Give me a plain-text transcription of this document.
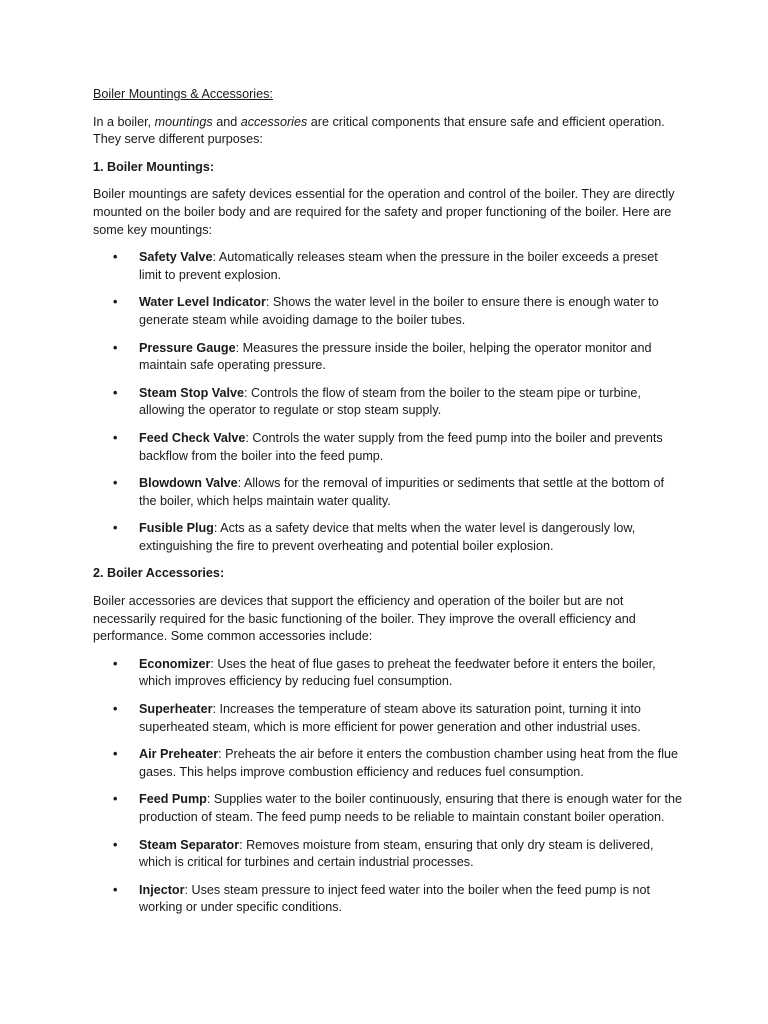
Boiler Mountings & Accessories:

In a boiler, mountings and accessories are critical components that ensure safe and efficient operation. They serve different purposes:

1. Boiler Mountings:

Boiler mountings are safety devices essential for the operation and control of the boiler. They are directly mounted on the boiler body and are required for the safety and proper functioning of the boiler. Here are some key mountings:

• Safety Valve: Automatically releases steam when the pressure in the boiler exceeds a preset limit to prevent explosion.
• Water Level Indicator: Shows the water level in the boiler to ensure there is enough water to generate steam while avoiding damage to the boiler tubes.
• Pressure Gauge: Measures the pressure inside the boiler, helping the operator monitor and maintain safe operating pressure.
• Steam Stop Valve: Controls the flow of steam from the boiler to the steam pipe or turbine, allowing the operator to regulate or stop steam supply.
• Feed Check Valve: Controls the water supply from the feed pump into the boiler and prevents backflow from the boiler into the feed pump.
• Blowdown Valve: Allows for the removal of impurities or sediments that settle at the bottom of the boiler, which helps maintain water quality.
• Fusible Plug: Acts as a safety device that melts when the water level is dangerously low, extinguishing the fire to prevent overheating and potential boiler explosion.
2. Boiler Accessories:

Boiler accessories are devices that support the efficiency and operation of the boiler but are not necessarily required for the basic functioning of the boiler. They improve the overall efficiency and performance. Some common accessories include:

• Economizer: Uses the heat of flue gases to preheat the feedwater before it enters the boiler, which improves efficiency by reducing fuel consumption.
• Superheater: Increases the temperature of steam above its saturation point, turning it into superheated steam, which is more efficient for power generation and other industrial uses.
• Air Preheater: Preheats the air before it enters the combustion chamber using heat from the flue gases. This helps improve combustion efficiency and reduces fuel consumption.
• Feed Pump: Supplies water to the boiler continuously, ensuring that there is enough water for the production of steam. The feed pump needs to be reliable to maintain constant boiler operation.
• Steam Separator: Removes moisture from steam, ensuring that only dry steam is delivered, which is critical for turbines and certain industrial processes.
• Injector: Uses steam pressure to inject feed water into the boiler when the feed pump is not working or under specific conditions.
